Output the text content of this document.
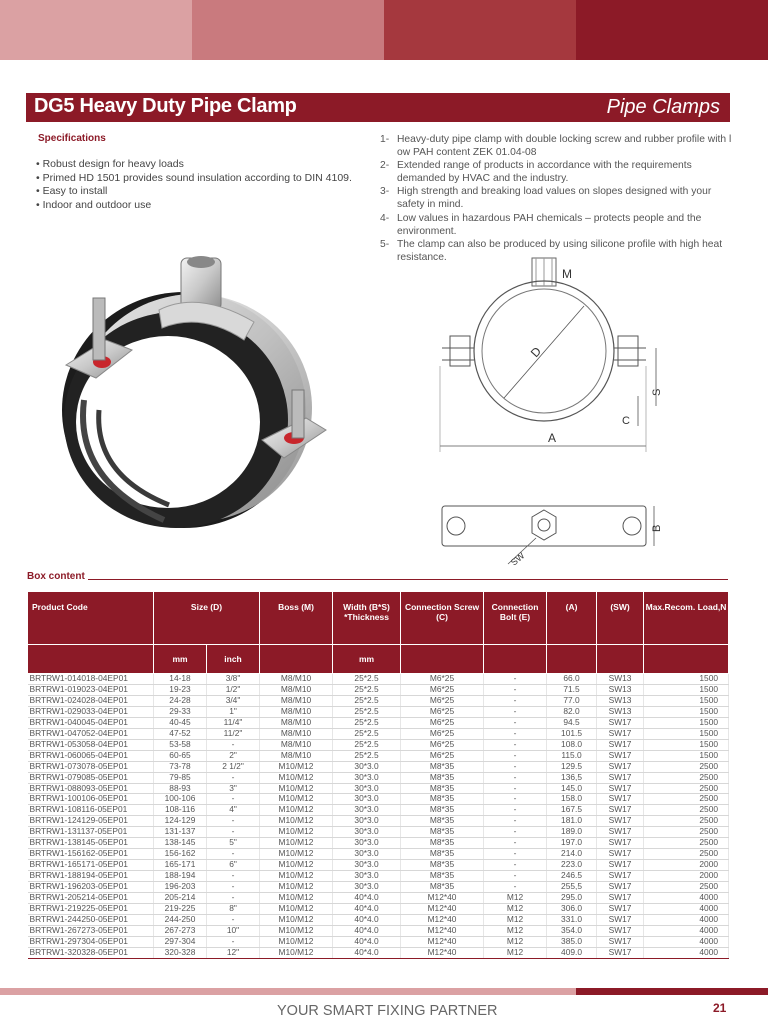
DG5 Heavy Duty Pipe Clamp	Pipe Clamps
Specifications
• Robust design for heavy loads
• Primed HD 1501 provides sound insulation according to DIN 4109.
• Easy to install
• Indoor and outdoor use
1- Heavy-duty pipe clamp with double locking screw and rubber profile with l ow PAH content ZEK 01.04-08
2- Extended range of products in accordance with the requirements demanded by HVAC and the industry.
3- High strength and breaking load values on slopes designed with your safety in mind.
4- Low values in hazardous PAH chemicals – protects people and the environment.
5- The clamp can also be produced by using silicone profile with high heat resistance.
M
D
S
C
A
B
SW
Box content
Product Code	Size (D)		Boss (M)	Width (B*S) *Thickness	Connection Screw (C)	Connection Bolt (E)	(A)	(SW)	Max.Recom. Load,N
	mm	inch		mm					
BRTRW1-014018-04EP01	14-18	3/8"	M8/M10	25*2.5	M6*25	-	66.0	SW13	1500
BRTRW1-019023-04EP01	19-23	1/2"	M8/M10	25*2.5	M6*25	-	71.5	SW13	1500
BRTRW1-024028-04EP01	24-28	3/4"	M8/M10	25*2.5	M6*25	-	77.0	SW13	1500
BRTRW1-029033-04EP01	29-33	1"	M8/M10	25*2.5	M6*25	-	82.0	SW13	1500
BRTRW1-040045-04EP01	40-45	11/4"	M8/M10	25*2.5	M6*25	-	94.5	SW17	1500
BRTRW1-047052-04EP01	47-52	11/2"	M8/M10	25*2.5	M6*25	-	101.5	SW17	1500
BRTRW1-053058-04EP01	53-58	-	M8/M10	25*2.5	M6*25	-	108.0	SW17	1500
BRTRW1-060065-04EP01	60-65	2"	M8/M10	25*2.5	M6*25	-	115.0	SW17	1500
BRTRW1-073078-05EP01	73-78	2 1/2"	M10/M12	30*3.0	M8*35	-	129.5	SW17	2500
BRTRW1-079085-05EP01	79-85	-	M10/M12	30*3.0	M8*35	-	136,5	SW17	2500
BRTRW1-088093-05EP01	88-93	3"	M10/M12	30*3.0	M8*35	-	145.0	SW17	2500
BRTRW1-100106-05EP01	100-106	-	M10/M12	30*3.0	M8*35	-	158.0	SW17	2500
BRTRW1-108116-05EP01	108-116	4"	M10/M12	30*3.0	M8*35	-	167.5	SW17	2500
BRTRW1-124129-05EP01	124-129	-	M10/M12	30*3.0	M8*35	-	181.0	SW17	2500
BRTRW1-131137-05EP01	131-137	-	M10/M12	30*3.0	M8*35	-	189.0	SW17	2500
BRTRW1-138145-05EP01	138-145	5"	M10/M12	30*3.0	M8*35	-	197.0	SW17	2500
BRTRW1-156162-05EP01	156-162	-	M10/M12	30*3.0	M8*35	-	214.0	SW17	2500
BRTRW1-165171-05EP01	165-171	6"	M10/M12	30*3.0	M8*35	-	223.0	SW17	2000
BRTRW1-188194-05EP01	188-194	-	M10/M12	30*3.0	M8*35	-	246.5	SW17	2000
BRTRW1-196203-05EP01	196-203	-	M10/M12	30*3.0	M8*35	-	255,5	SW17	2500
BRTRW1-205214-05EP01	205-214	-	M10/M12	40*4.0	M12*40	M12	295.0	SW17	4000
BRTRW1-219225-05EP01	219-225	8"	M10/M12	40*4.0	M12*40	M12	306.0	SW17	4000
BRTRW1-244250-05EP01	244-250	-	M10/M12	40*4.0	M12*40	M12	331.0	SW17	4000
BRTRW1-267273-05EP01	267-273	10"	M10/M12	40*4.0	M12*40	M12	354.0	SW17	4000
BRTRW1-297304-05EP01	297-304	-	M10/M12	40*4.0	M12*40	M12	385.0	SW17	4000
BRTRW1-320328-05EP01	320-328	12"	M10/M12	40*4.0	M12*40	M12	409.0	SW17	4000
YOUR SMART FIXING PARTNER	21
